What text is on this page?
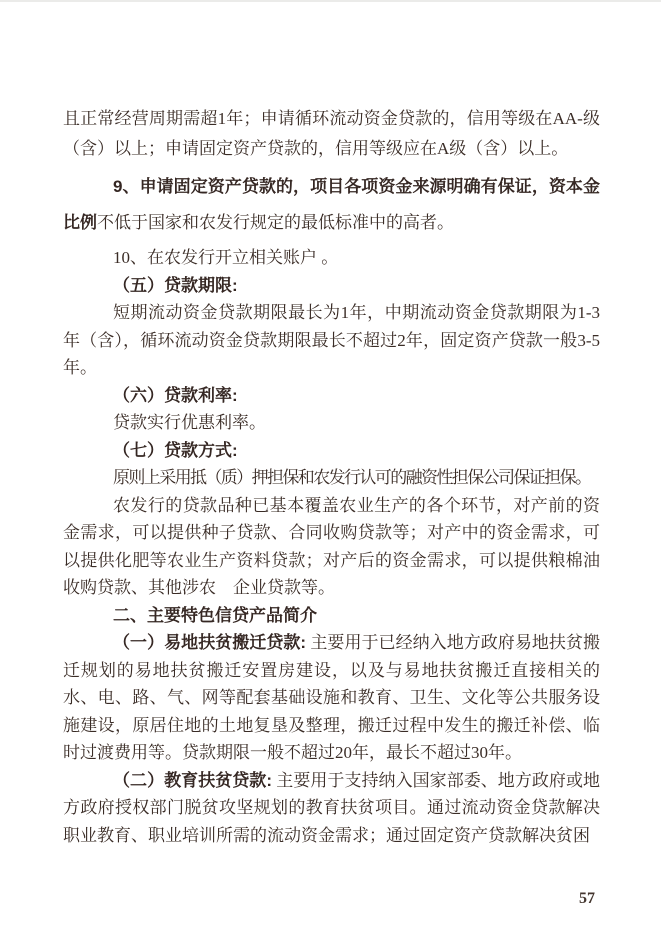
且正常经营周期需超1年；申请循环流动资金贷款的，信用等级在AA-级（含）以上；申请固定资产贷款的，信用等级应在A级（含）以上。

9、申请固定资产贷款的，项目各项资金来源明确有保证，资本金比例不低于国家和农发行规定的最低标准中的高者。

10、在农发行开立相关账户 。

（五）贷款期限:

短期流动资金贷款期限最长为1年，中期流动资金贷款期限为1-3年（含），循环流动资金贷款期限最长不超过2年，固定资产贷款一般3-5年。

（六）贷款利率:

贷款实行优惠利率。

（七）贷款方式:

原则上采用抵（质）押担保和农发行认可的融资性担保公司保证担保。

农发行的贷款品种已基本覆盖农业生产的各个环节，对产前的资金需求，可以提供种子贷款、合同收购贷款等；对产中的资金需求，可以提供化肥等农业生产资料贷款；对产后的资金需求，可以提供粮棉油收购贷款、其他涉农　企业贷款等。

二、主要特色信贷产品简介

（一）易地扶贫搬迁贷款: 主要用于已经纳入地方政府易地扶贫搬迁规划的易地扶贫搬迁安置房建设，以及与易地扶贫搬迁直接相关的水、电、路、气、网等配套基础设施和教育、卫生、文化等公共服务设施建设，原居住地的土地复垦及整理，搬迁过程中发生的搬迁补偿、临时过渡费用等。贷款期限一般不超过20年，最长不超过30年。

（二）教育扶贫贷款: 主要用于支持纳入国家部委、地方政府或地方政府授权部门脱贫攻坚规划的教育扶贫项目。通过流动资金贷款解决职业教育、职业培训所需的流动资金需求；通过固定资产贷款解决贫困

57
